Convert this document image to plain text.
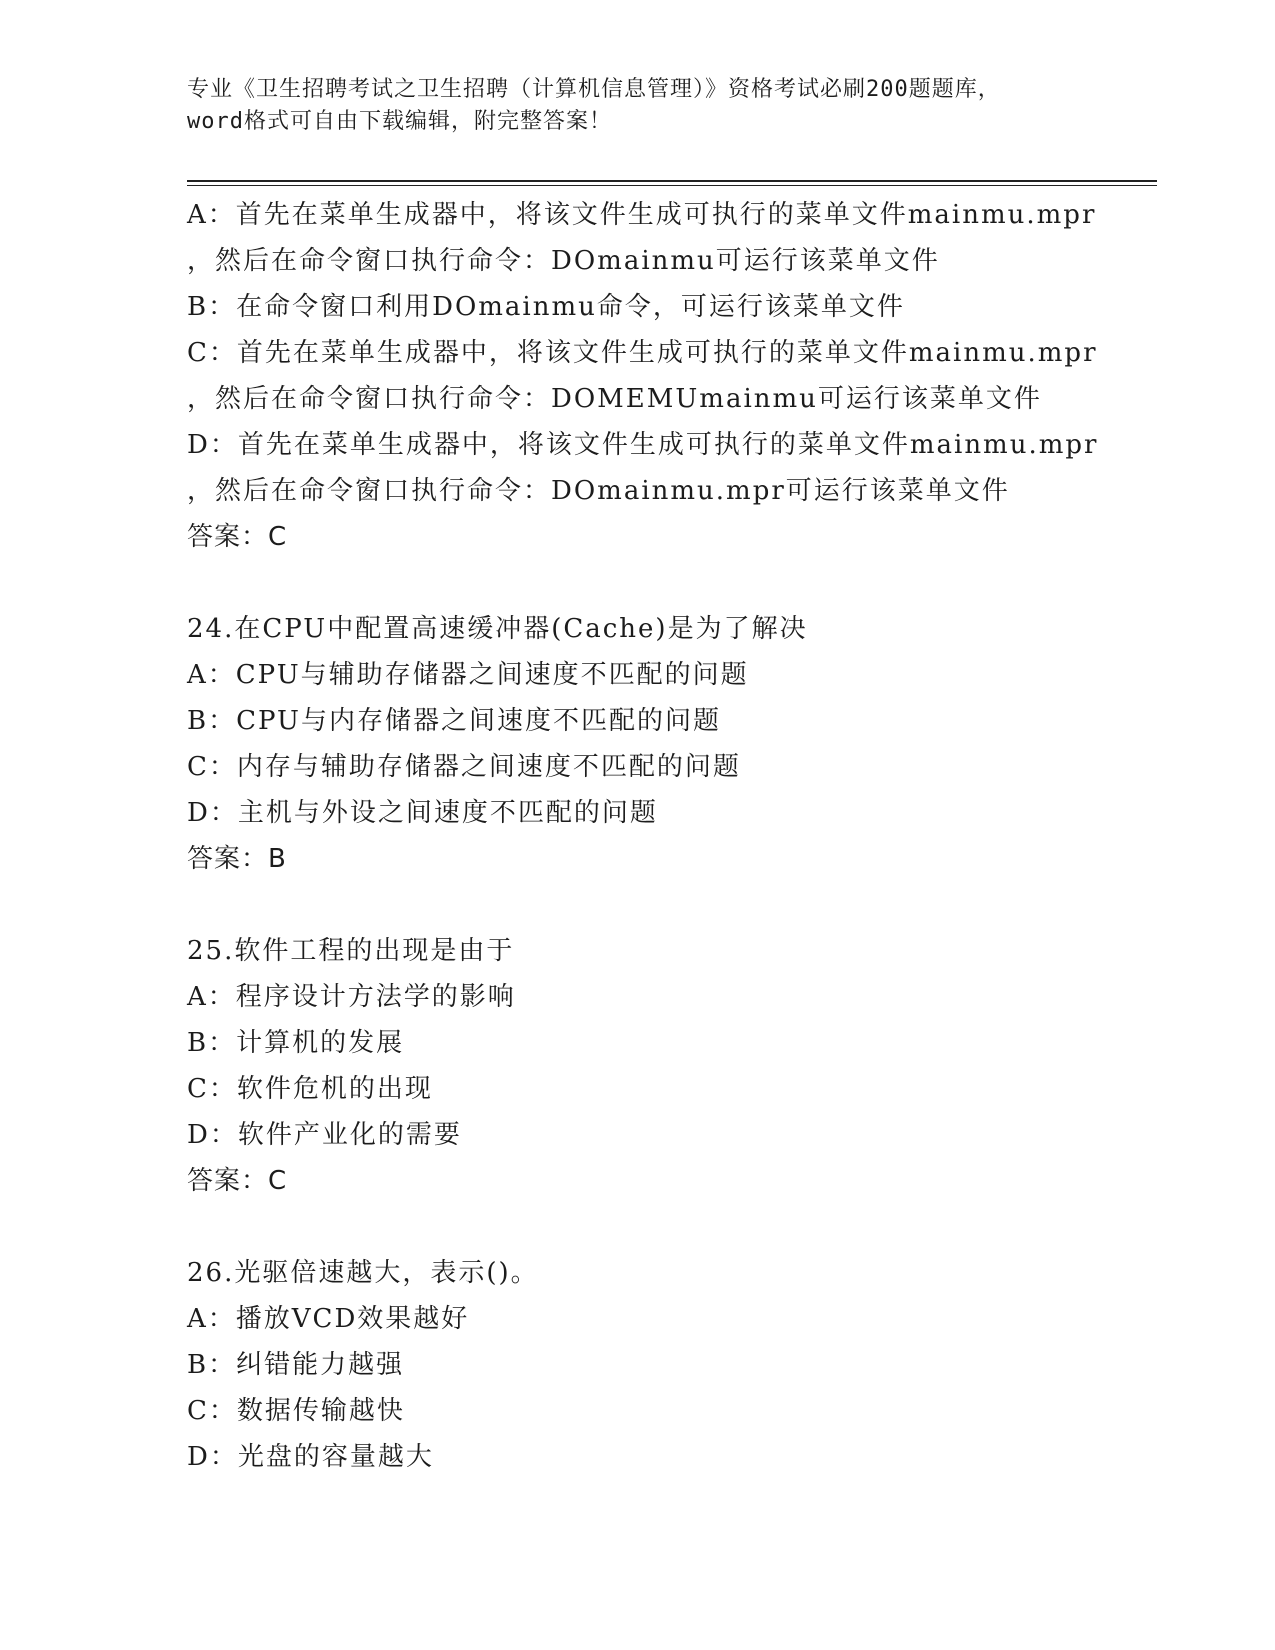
专业《卫生招聘考试之卫生招聘（计算机信息管理）》资格考试必刷200题题库，
word格式可自由下载编辑，附完整答案！
A：首先在菜单生成器中，将该文件生成可执行的菜单文件mainmu.mpr
，然后在命令窗口执行命令：DOmainmu可运行该菜单文件
B：在命令窗口利用DOmainmu命令，可运行该菜单文件
C：首先在菜单生成器中，将该文件生成可执行的菜单文件mainmu.mpr
，然后在命令窗口执行命令：DOMEMUmainmu可运行该菜单文件
D：首先在菜单生成器中，将该文件生成可执行的菜单文件mainmu.mpr
，然后在命令窗口执行命令：DOmainmu.mpr可运行该菜单文件
答案：C
24.在CPU中配置高速缓冲器(Cache)是为了解决
A：CPU与辅助存储器之间速度不匹配的问题
B：CPU与内存储器之间速度不匹配的问题
C：内存与辅助存储器之间速度不匹配的问题
D：主机与外设之间速度不匹配的问题
答案：B
25.软件工程的出现是由于
A：程序设计方法学的影响
B：计算机的发展
C：软件危机的出现
D：软件产业化的需要
答案：C
26.光驱倍速越大，表示()。
A：播放VCD效果越好
B：纠错能力越强
C：数据传输越快
D：光盘的容量越大
